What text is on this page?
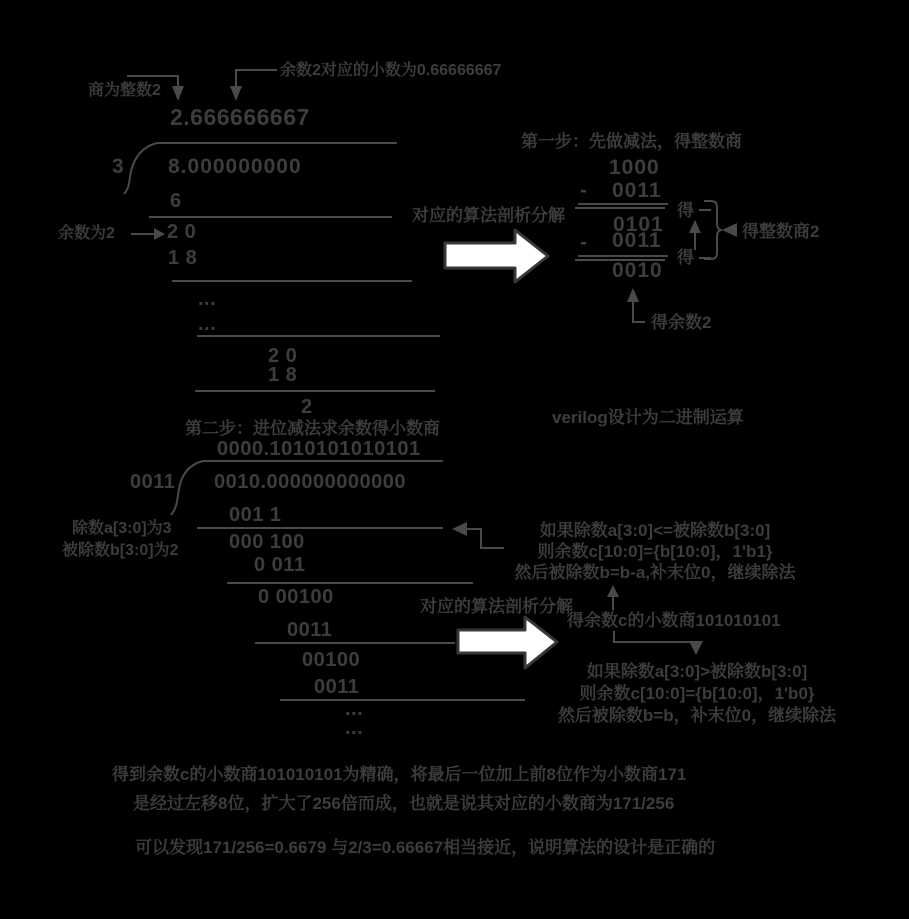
商为整数2
余数2对应的小数为0.66666667
2.666666667
3 8.000000000
6
2 0
1 8
...
...
2 0
1 8
2
余数为2
对应的算法剖析分解
对应的算法剖析分解
verilog设计为二进制运算
第一步：先做减法，得整数商
1000
- 0011
0101
- 0011
0010
得
得
得整数商2
得余数2
第二步：进位减法求余数得小数商
0000.1010101010101
0011 0010.000000000000
001 1
000 100
0 011
0 00100
0011
00100
0011
...
...
除数a[3:0]为3
被除数b[3:0]为2
如果除数a[3:0]<=被除数b[3:0]
则余数c[10:0]={b[10:0]，1'b1}
然后被除数b=b-a,补末位0，继续除法
得余数c的小数商101010101
如果除数a[3:0]>被除数b[3:0]
则余数c[10:0]={b[10:0]，1'b0}
然后被除数b=b，补末位0，继续除法
得到余数c的小数商101010101为精确，将最后一位加上前8位作为小数商171
是经过左移8位，扩大了256倍而成，也就是说其对应的小数商为171/256
可以发现171/256=0.6679 与2/3=0.66667相当接近，说明算法的设计是正确的
